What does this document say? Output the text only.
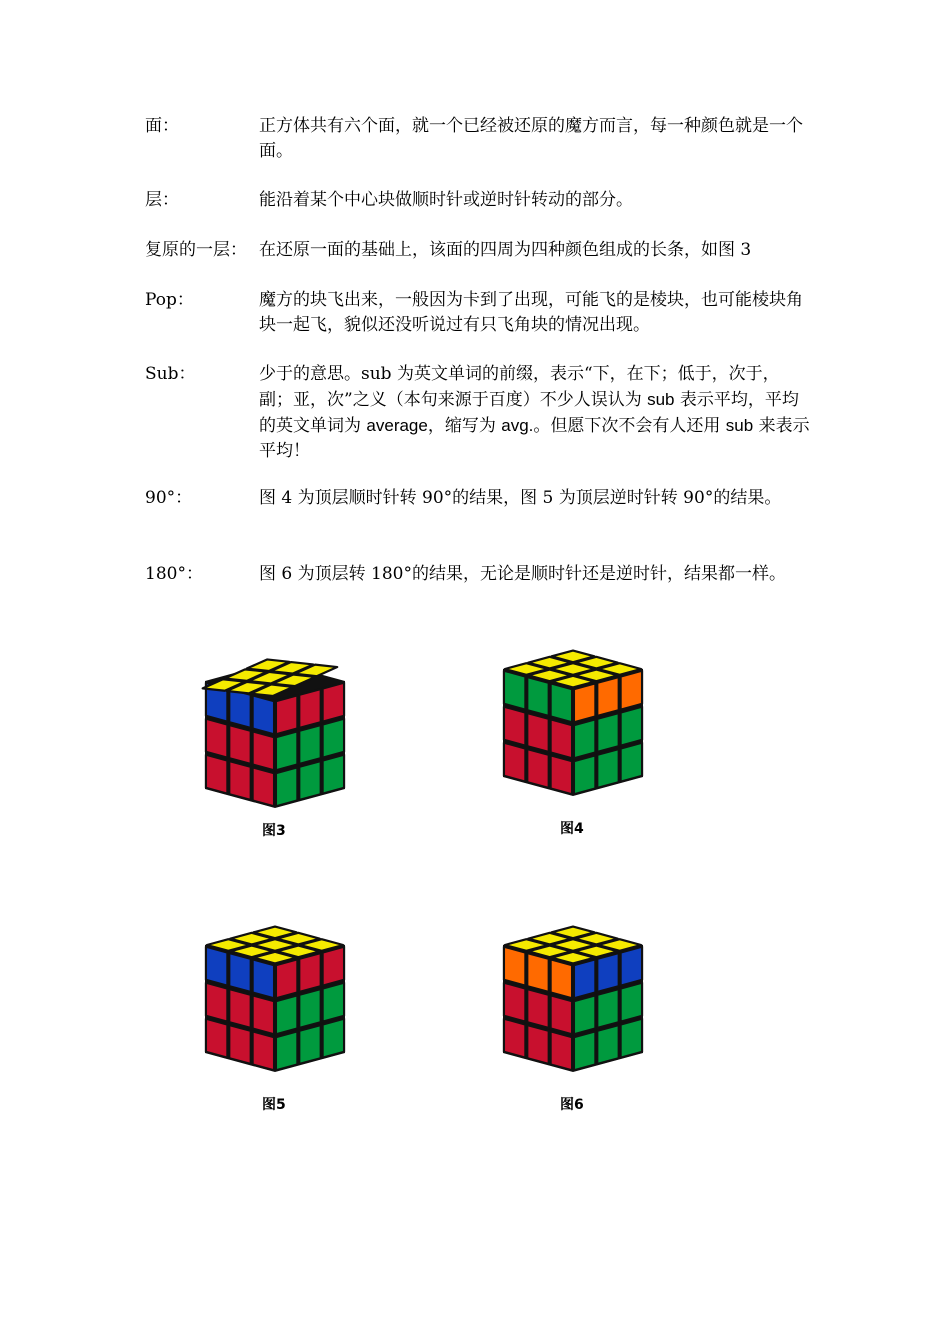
面：	正方体共有六个面，就一个已经被还原的魔方而言，每一种颜色就是一个面。
层：	能沿着某个中心块做顺时针或逆时针转动的部分。
复原的一层： 在还原一面的基础上，该面的四周为四种颜色组成的长条，如图 3
Pop：	魔方的块飞出来，一般因为卡到了出现，可能飞的是棱块，也可能棱块角块一起飞，貌似还没听说过有只飞角块的情况出现。
Sub：	少于的意思。sub 为英文单词的前缀，表示“下，在下；低于，次于，副；亚，次”之义（本句来源于百度）不少人误认为 sub 表示平均，平均的英文单词为 average，缩写为 avg.。但愿下次不会有人还用 sub 来表示平均！
90°：	图 4 为顶层顺时针转 90°的结果，图 5 为顶层逆时针转 90°的结果。
180°：	图 6 为顶层转 180°的结果，无论是顺时针还是逆时针，结果都一样。
图3	图4
图5	图6
